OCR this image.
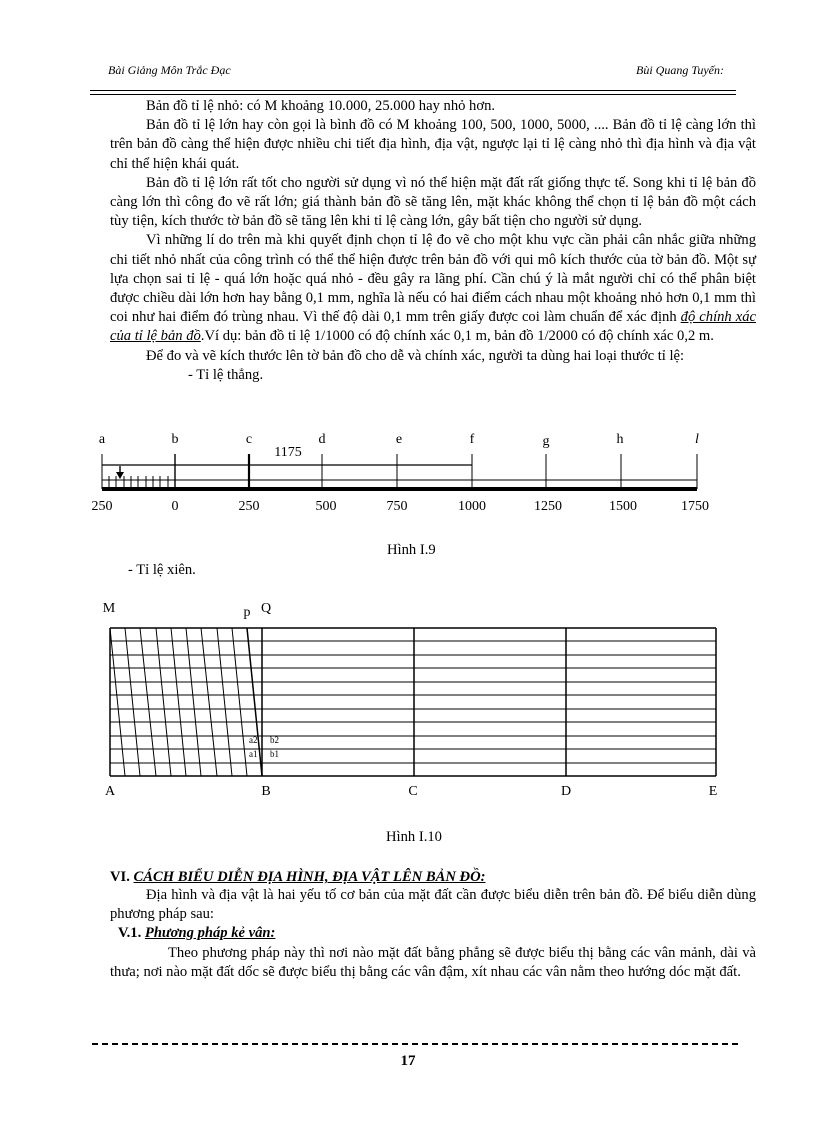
Bài Giảng Môn Trắc Đạc	Bùi Quang Tuyến:

Bản đồ tỉ lệ nhỏ: có M khoảng 10.000, 25.000 hay nhỏ hơn.

Bản đồ tỉ lệ lớn hay còn gọi là bình đồ có M khoảng 100, 500, 1000, 5000, .... Bản đồ tỉ lệ càng lớn thì trên bản đồ càng thể hiện được nhiều chi tiết địa hình, địa vật, ngược lại tỉ lệ càng nhỏ thì địa hình và địa vật chỉ thể hiện khái quát.

Bản đồ tỉ lệ lớn rất tốt cho người sử dụng vì nó thể hiện mặt đất rất giống thực tế. Song khi tỉ lệ bản đồ càng lớn thì công đo vẽ rất lớn; giá thành bản đồ sẽ tăng lên, mặt khác không thể chọn tỉ lệ bản đồ một cách tùy tiện, kích thước tờ bản đồ sẽ tăng lên khi tỉ lệ càng lớn, gây bất tiện cho người sử dụng.

Vì những lí do trên mà khi quyết định chọn tỉ lệ đo vẽ cho một khu vực cần phải cân nhắc giữa những chi tiết nhỏ nhất của công trình có thể thể hiện được trên bản đồ với qui mô kích thước của tờ bản đồ. Một sự lựa chọn sai tỉ lệ - quá lớn hoặc quá nhỏ - đều gây ra lãng phí. Cần chú ý là mắt người chỉ có thể phân biệt được chiều dài lớn hơn hay bằng 0,1 mm, nghĩa là nếu có hai điểm cách nhau một khoảng nhỏ hơn 0,1 mm thì coi như hai điểm đó trùng nhau. Vì thế độ dài 0,1 mm trên giấy được coi làm chuẩn để xác định độ chính xác của tỉ lệ bản đồ.Ví dụ: bản đồ tỉ lệ 1/1000 có độ chính xác 0,1 m, bản đồ 1/2000 có độ chính xác 0,2 m.

Để đo và vẽ kích thước lên tờ bản đồ cho dễ và chính xác, người ta dùng hai loại thước tỉ lệ:

- Tỉ lệ thẳng.

a	b	c	d	e	f	g	h	l
1175
250	0	250	500	750	1000	1250	1500	1750
Hình I.9
- Tỉ lệ xiên.
M	p Q
A	B	C	D	E
a2 b2
a1 b1
Hình I.10
VI. CÁCH BIỂU DIỄN ĐỊA HÌNH, ĐỊA VẬT LÊN BẢN ĐỒ:

Địa hình và địa vật là hai yếu tố cơ bản của mặt đất cần được biểu diễn trên bản đồ. Để biểu diễn dùng phương pháp sau:

V.1. Phương pháp kẻ vân:

Theo phương pháp này thì nơi nào mặt đất bằng phẳng sẽ được biểu thị bằng các vân mảnh, dài và thưa; nơi nào mặt đất dốc sẽ được biểu thị bằng các vân đậm, xít nhau các vân nằm theo hướng dóc mặt đất.

17
